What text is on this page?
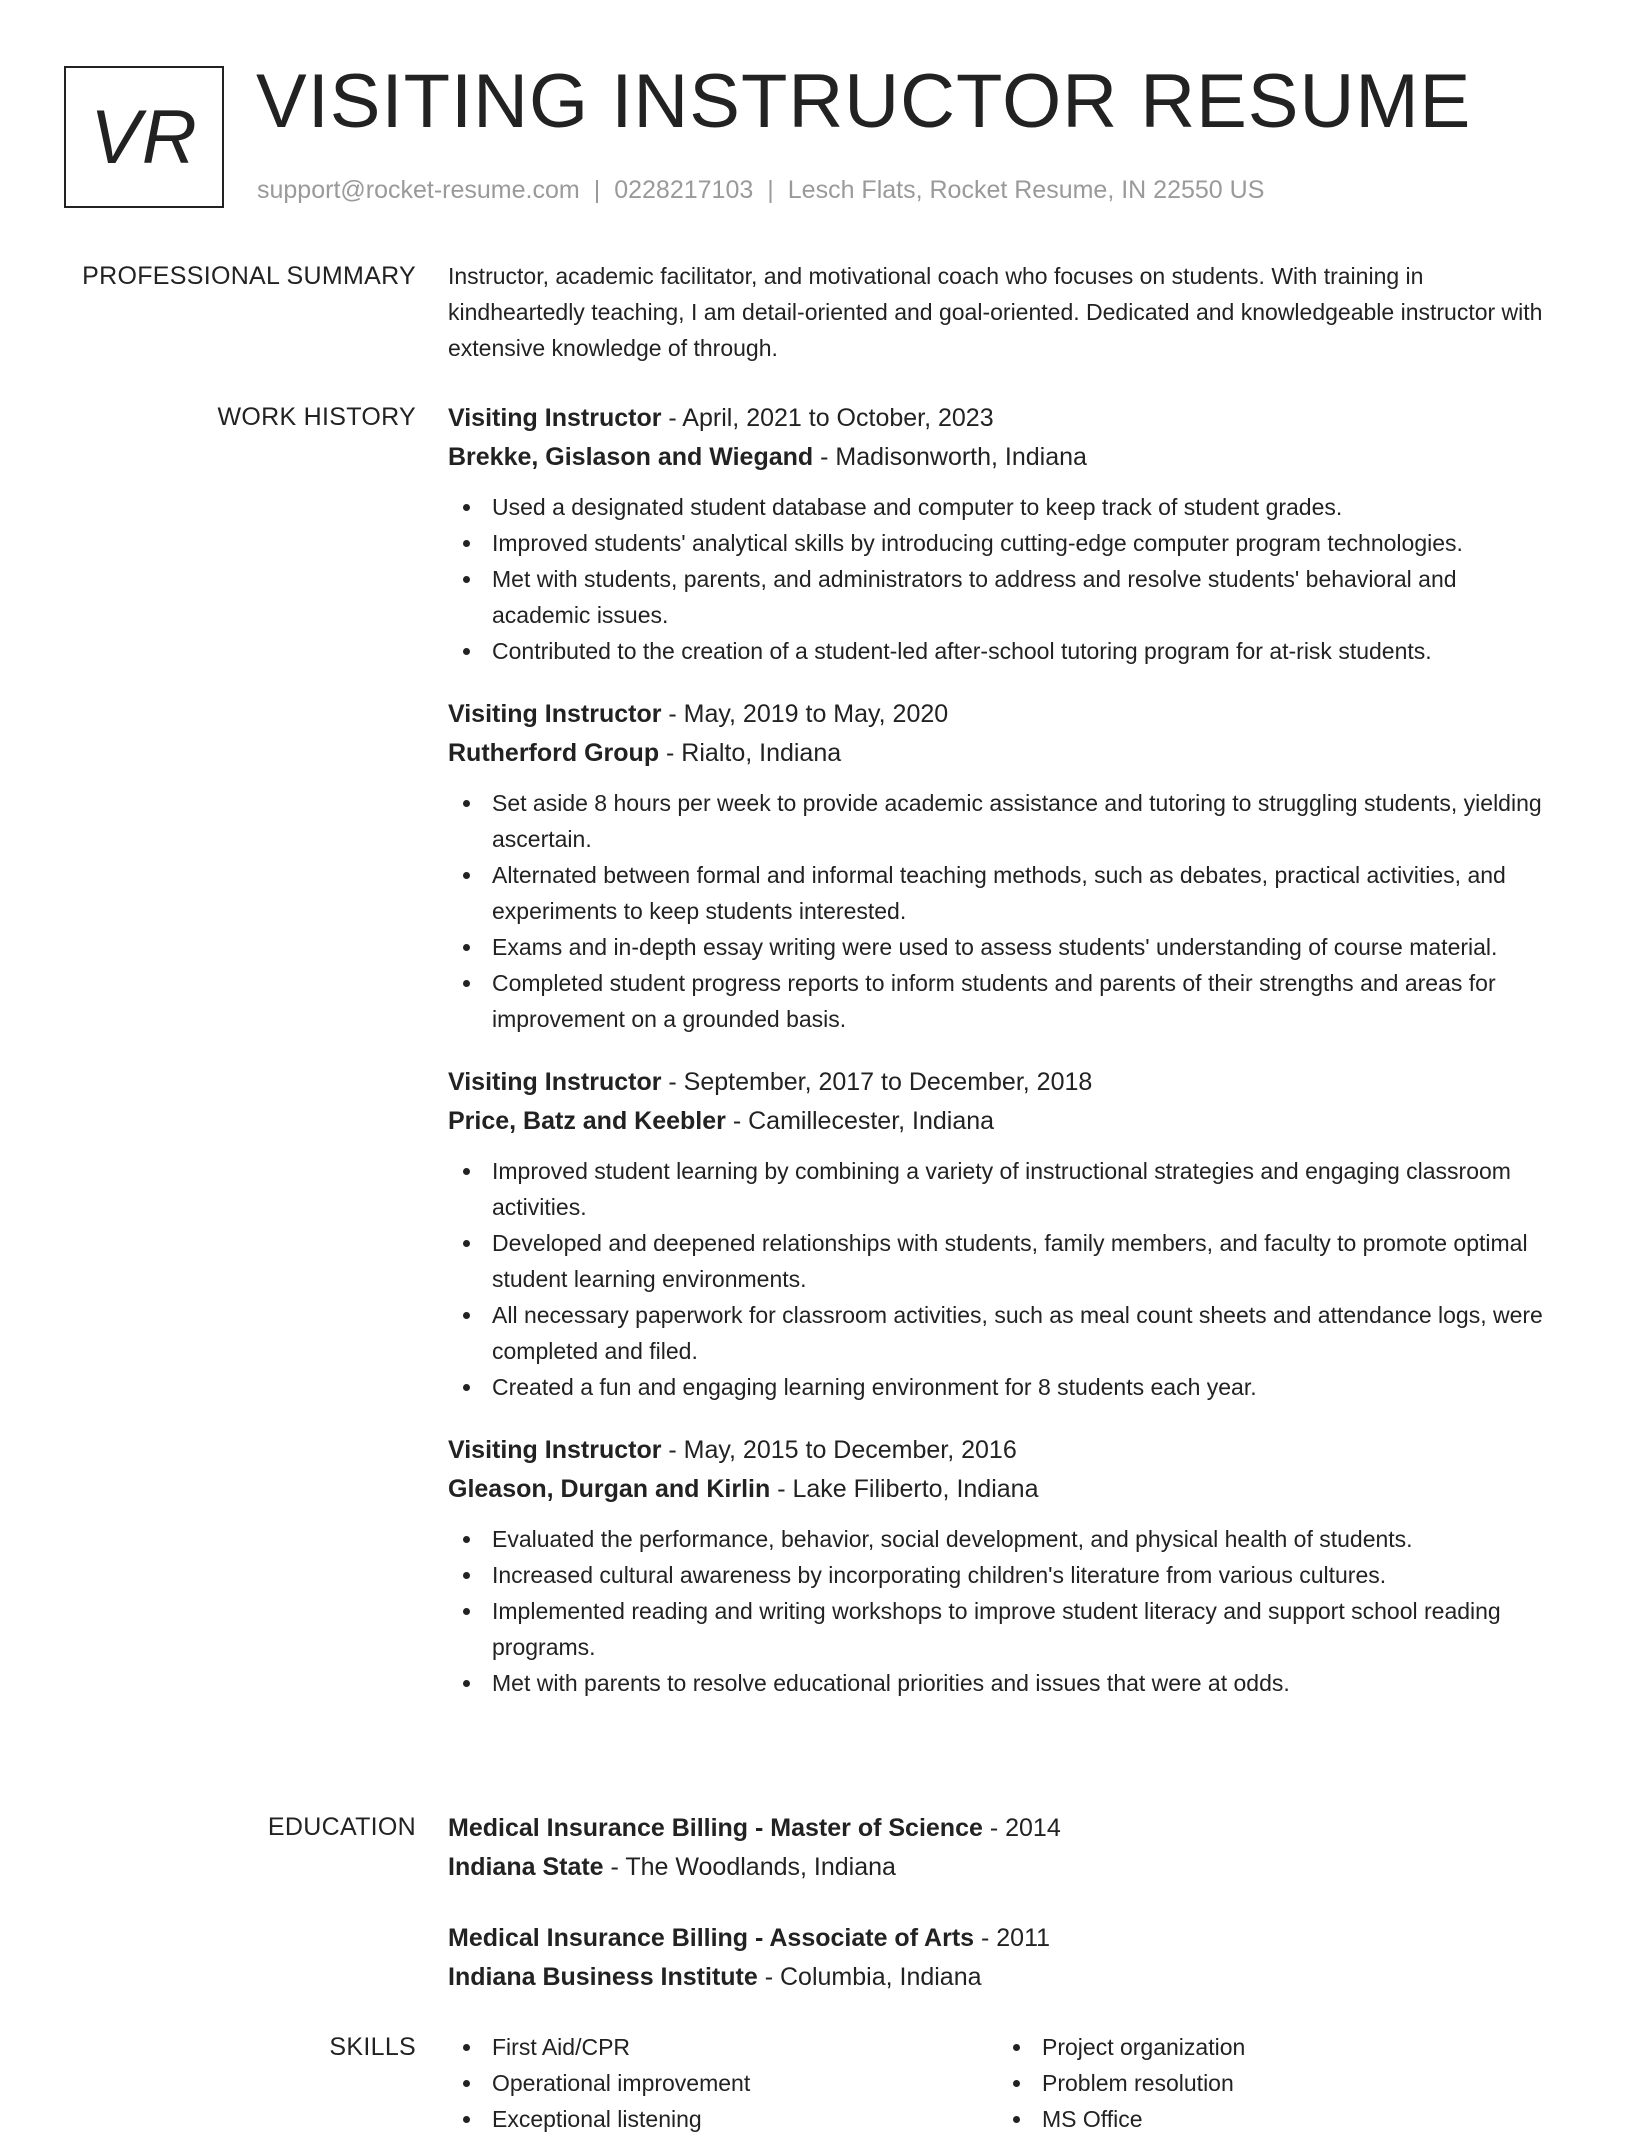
VR VISITING INSTRUCTOR RESUME
support@rocket-resume.com | 0228217103 | Lesch Flats, Rocket Resume, IN 22550 US
PROFESSIONAL SUMMARY Instructor, academic facilitator, and motivational coach who focuses on students. With training in kindheartedly teaching, I am detail-oriented and goal-oriented. Dedicated and knowledgeable instructor with extensive knowledge of through.

WORK HISTORY Visiting Instructor - April, 2021 to October, 2023
Brekke, Gislason and Wiegand - Madisonworth, Indiana
Used a designated student database and computer to keep track of student grades.
Improved students' analytical skills by introducing cutting-edge computer program technologies.
Met with students, parents, and administrators to address and resolve students' behavioral and academic issues.
Contributed to the creation of a student-led after-school tutoring program for at-risk students.
Visiting Instructor - May, 2019 to May, 2020
Rutherford Group - Rialto, Indiana
Set aside 8 hours per week to provide academic assistance and tutoring to struggling students, yielding ascertain.
Alternated between formal and informal teaching methods, such as debates, practical activities, and experiments to keep students interested.
Exams and in-depth essay writing were used to assess students' understanding of course material.
Completed student progress reports to inform students and parents of their strengths and areas for improvement on a grounded basis.
Visiting Instructor - September, 2017 to December, 2018
Price, Batz and Keebler - Camillecester, Indiana
Improved student learning by combining a variety of instructional strategies and engaging classroom activities.
Developed and deepened relationships with students, family members, and faculty to promote optimal student learning environments.
All necessary paperwork for classroom activities, such as meal count sheets and attendance logs, were completed and filed.
Created a fun and engaging learning environment for 8 students each year.
Visiting Instructor - May, 2015 to December, 2016
Gleason, Durgan and Kirlin - Lake Filiberto, Indiana
Evaluated the performance, behavior, social development, and physical health of students.
Increased cultural awareness by incorporating children's literature from various cultures.
Implemented reading and writing workshops to improve student literacy and support school reading programs.
Met with parents to resolve educational priorities and issues that were at odds.
EDUCATION Medical Insurance Billing - Master of Science - 2014
Indiana State - The Woodlands, Indiana
Medical Insurance Billing - Associate of Arts - 2011
Indiana Business Institute - Columbia, Indiana
SKILLS	First Aid/CPR
Operational improvement
Exceptional listening
Project organization
Problem resolution
MS Office
